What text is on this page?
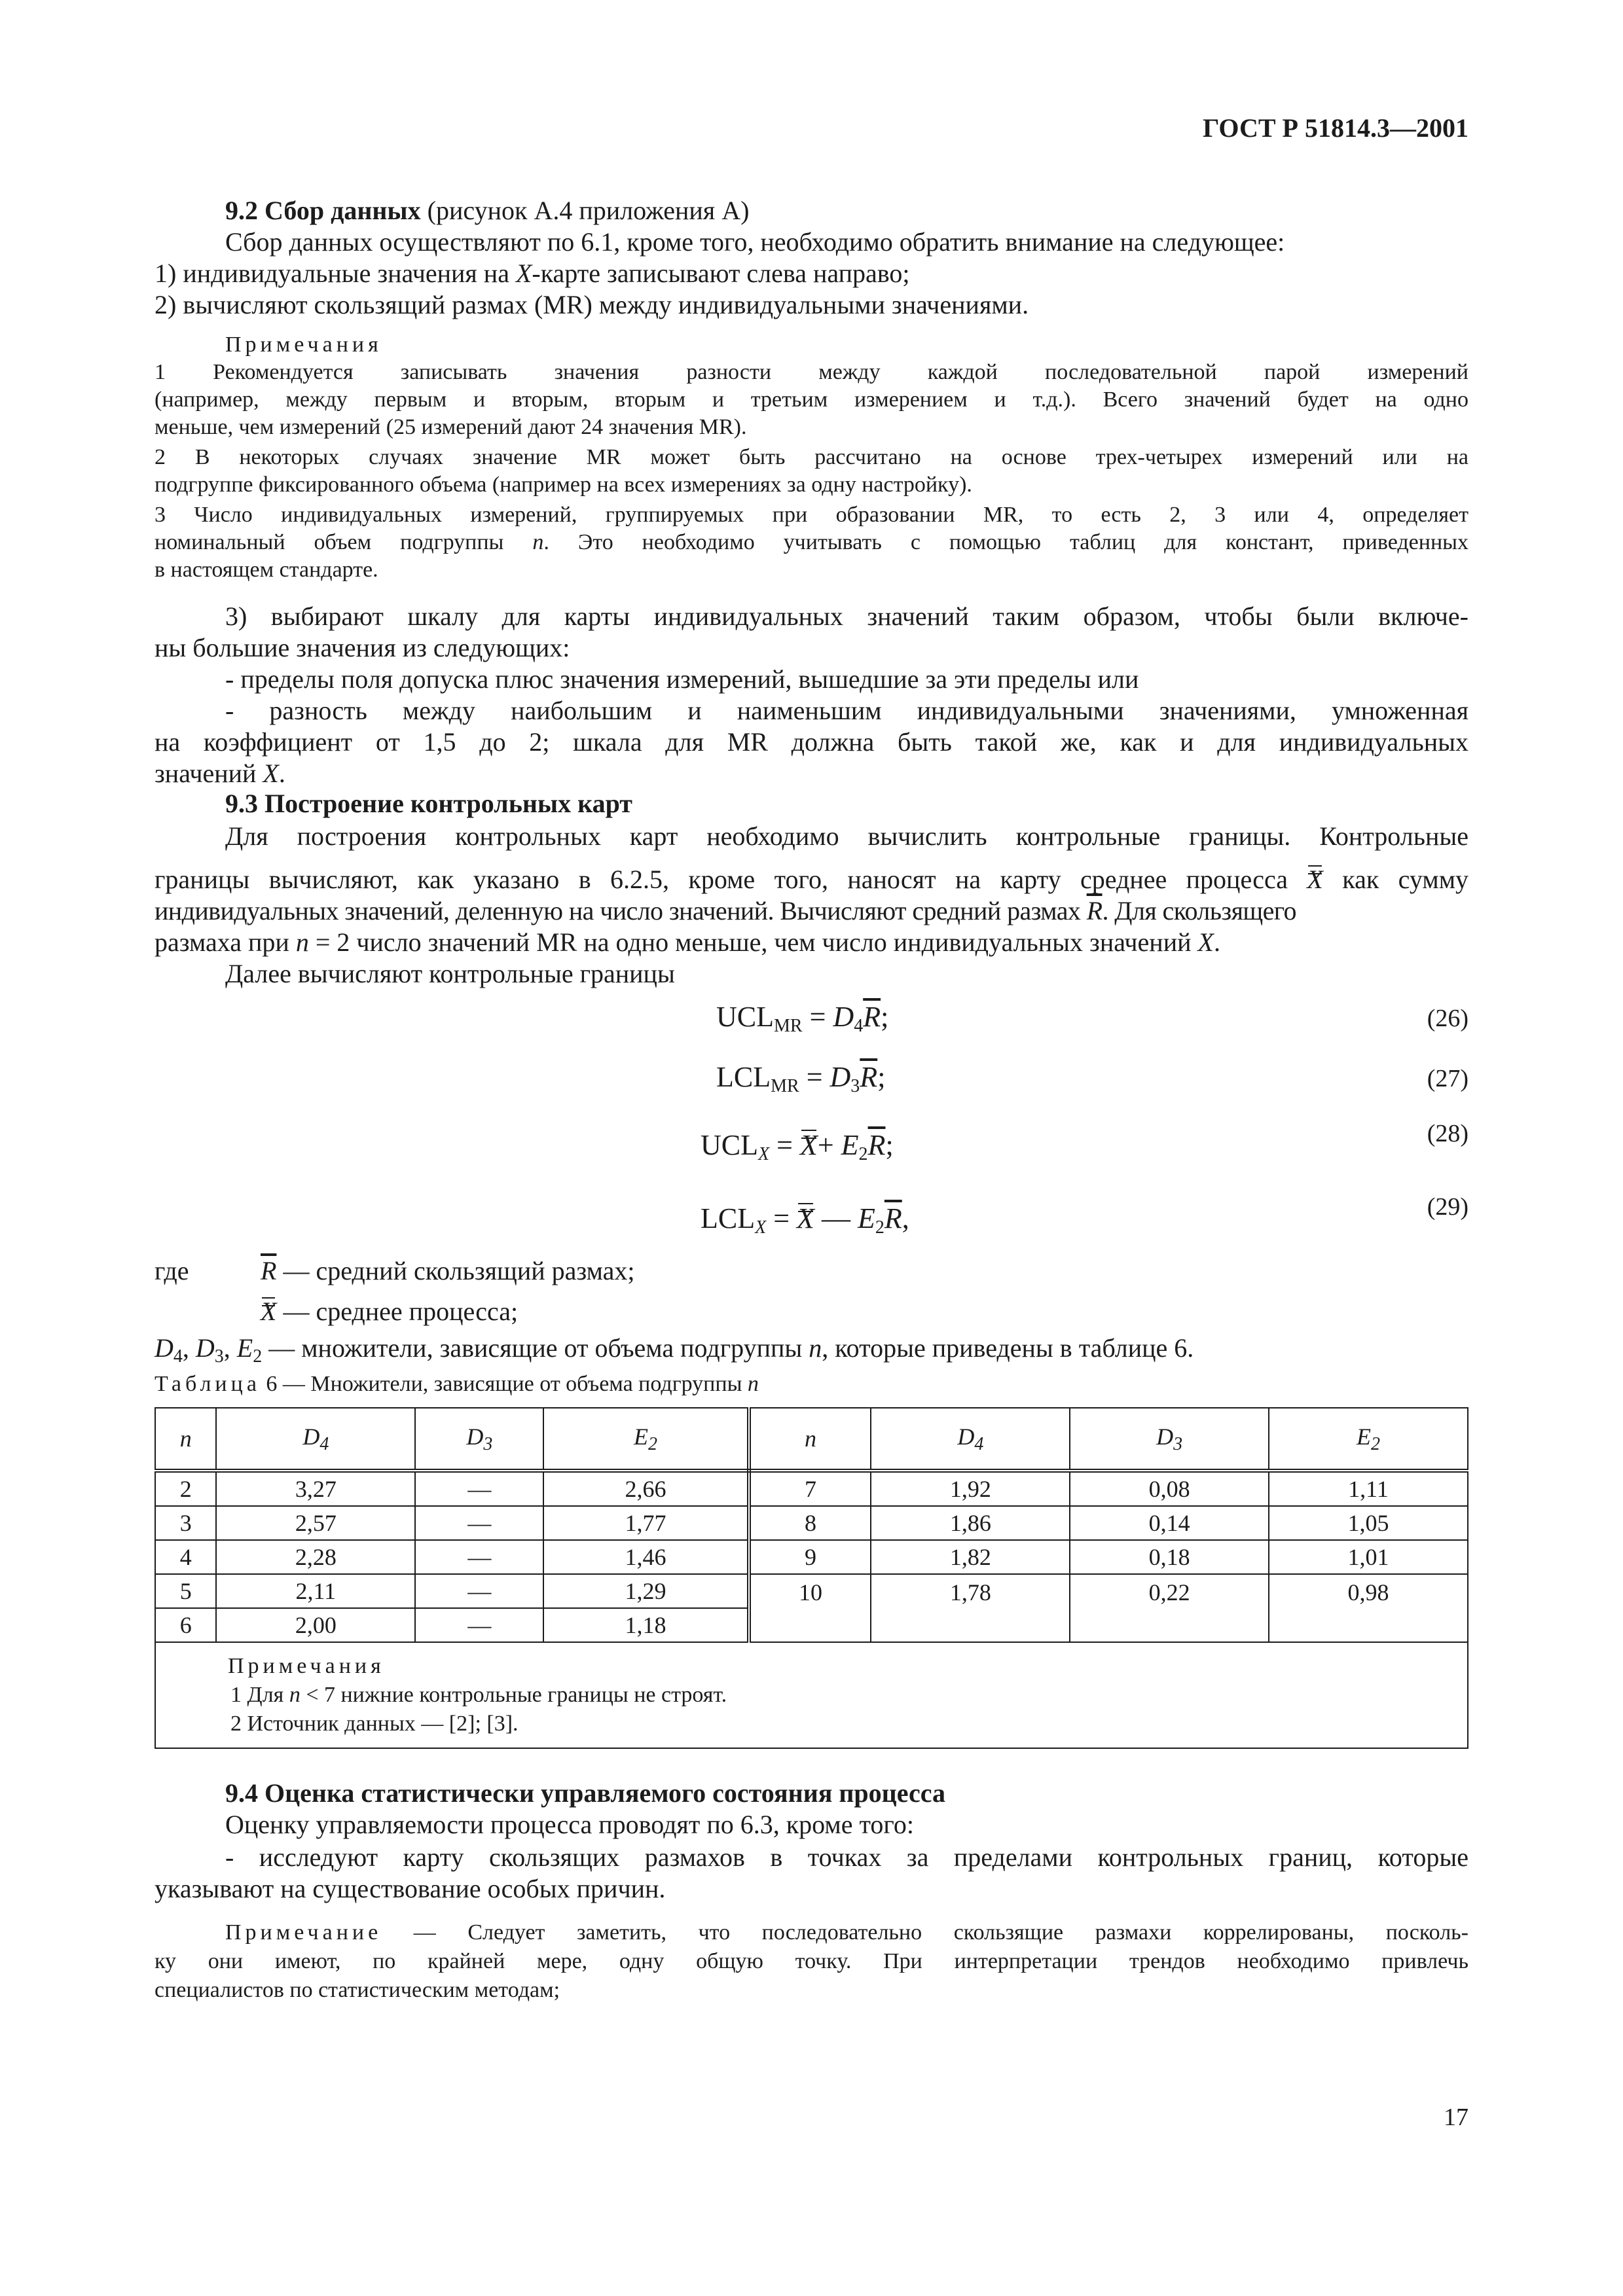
ГОСТ Р 51814.3—2001
9.2 Сбор данных (рисунок А.4 приложения А)
Сбор данных осуществляют по 6.1, кроме того, необходимо обратить внимание на следующее:
1) индивидуальные значения на X-карте записывают слева направо;
2) вычисляют скользящий размах (MR) между индивидуальными значениями.
Примечания
1 Рекомендуется записывать значения разности между каждой последовательной парой измерений
(например, между первым и вторым, вторым и третьим измерением и т.д.). Всего значений будет на одно
меньше, чем измерений (25 измерений дают 24 значения MR).
2 В некоторых случаях значение MR может быть рассчитано на основе трех-четырех измерений или на
подгруппе фиксированного объема (например на всех измерениях за одну настройку).
3 Число индивидуальных измерений, группируемых при образовании MR, то есть 2, 3 или 4, определяет
номинальный объем подгруппы n. Это необходимо учитывать с помощью таблиц для констант, приведенных
в настоящем стандарте.
3) выбирают шкалу для карты индивидуальных значений таким образом, чтобы были включе-
ны большие значения из следующих:
- пределы поля допуска плюс значения измерений, вышедшие за эти пределы или
- разность между наибольшим и наименьшим индивидуальными значениями, умноженная
на коэффициент от 1,5 до 2; шкала для MR должна быть такой же, как и для индивидуальных
значений X.
9.3 Построение контрольных карт
Для построения контрольных карт необходимо вычислить контрольные границы. Контрольные
границы вычисляют, как указано в 6.2.5, кроме того, наносят на карту среднее процесса X как сумму
индивидуальных значений, деленную на число значений. Вычисляют средний размах $\overline{R}$. Для скользящего
размаха при n = 2 число значений MR на одно меньше, чем число индивидуальных значений X.
Далее вычисляют контрольные границы
$UCL_{MR} = D_4\overline{R}$;	(26)
$LCL_{MR} = D_3\overline{R}$;	(27)
$UCL_X = X+ E_2\overline{R}$;	(28)
$LCL_X = X$ — $E_2\overline{R}$,	(29)
где	$\overline{R}$ — средний скользящий размах;
X — среднее процесса;
$D_4$, $D_3$, $E_2$ — множители, зависящие от объема подгруппы n, которые приведены в таблице 6.
Таблица 6 — Множители, зависящие от объема подгруппы n
n	$D_4$	$D_3$	$E_2$	n	$D_4$	$D_3$	$E_2$
2	3,27	—	2,66	7	1,92	0,08	1,11
3	2,57	—	1,77	8	1,86	0,14	1,05
4	2,28	—	1,46	9	1,82	0,18	1,01
5	2,11	—	1,29	10	1,78	0,22	0,98
6	2,00	—	1,18				

Примечания
1 Для n < 7 нижние контрольные границы не строят.
2 Источник данных — [2]; [3].							
9.4 Оценка статистически управляемого состояния процесса
Оценку управляемости процесса проводят по 6.3, кроме того:
- исследуют карту скользящих размахов в точках за пределами контрольных границ, которые
указывают на существование особых причин.
Примечание — Следует заметить, что последовательно скользящие размахи коррелированы, посколь-
ку они имеют, по крайней мере, одну общую точку. При интерпретации трендов необходимо привлечь
специалистов по статистическим методам;
17
